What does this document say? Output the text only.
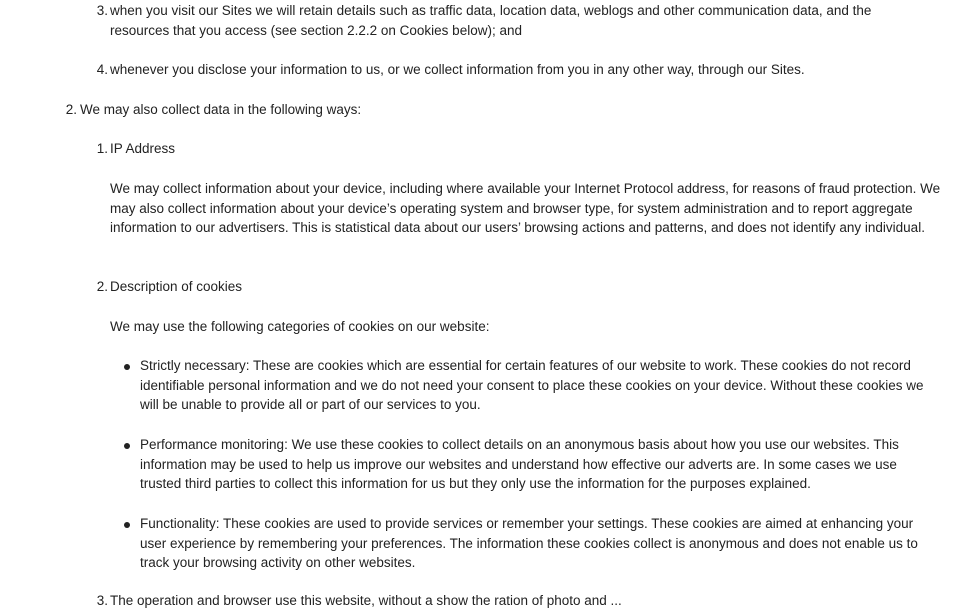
3. when you visit our Sites we will retain details such as traffic data, location data, weblogs and other communication data, and the resources that you access (see section 2.2.2 on Cookies below); and
4. whenever you disclose your information to us, or we collect information from you in any other way, through our Sites.
2. We may also collect data in the following ways:
1. IP Address
We may collect information about your device, including where available your Internet Protocol address, for reasons of fraud protection. We may also collect information about your device’s operating system and browser type, for system administration and to report aggregate information to our advertisers. This is statistical data about our users’ browsing actions and patterns, and does not identify any individual.
2. Description of cookies
We may use the following categories of cookies on our website:
Strictly necessary: These are cookies which are essential for certain features of our website to work. These cookies do not record identifiable personal information and we do not need your consent to place these cookies on your device. Without these cookies we will be unable to provide all or part of our services to you.
Performance monitoring: We use these cookies to collect details on an anonymous basis about how you use our websites. This information may be used to help us improve our websites and understand how effective our adverts are. In some cases we use trusted third parties to collect this information for us but they only use the information for the purposes explained.
Functionality: These cookies are used to provide services or remember your settings. These cookies are aimed at enhancing your user experience by remembering your preferences. The information these cookies collect is anonymous and does not enable us to track your browsing activity on other websites.
3. The operation and browser use this website, without a show the ration of photo and ...
